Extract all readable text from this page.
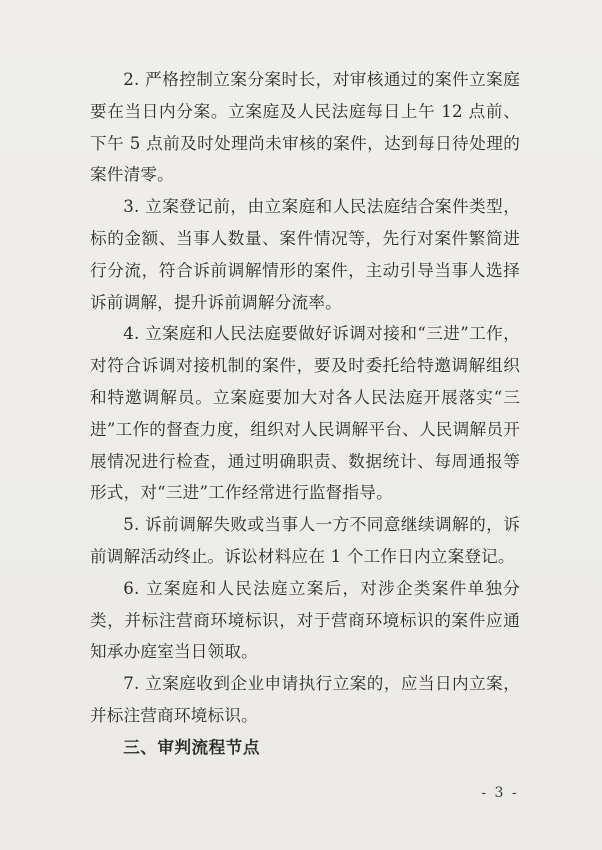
2. 严格控制立案分案时长，对审核通过的案件立案庭要在当日内分案。立案庭及人民法庭每日上午 12 点前、下午 5 点前及时处理尚未审核的案件，达到每日待处理的案件清零。

3. 立案登记前，由立案庭和人民法庭结合案件类型，标的金额、当事人数量、案件情况等，先行对案件繁简进行分流，符合诉前调解情形的案件，主动引导当事人选择诉前调解，提升诉前调解分流率。

4. 立案庭和人民法庭要做好诉调对接和“三进”工作，对符合诉调对接机制的案件，要及时委托给特邀调解组织和特邀调解员。立案庭要加大对各人民法庭开展落实“三进”工作的督查力度，组织对人民调解平台、人民调解员开展情况进行检查，通过明确职责、数据统计、每周通报等形式，对“三进”工作经常进行监督指导。

5. 诉前调解失败或当事人一方不同意继续调解的，诉前调解活动终止。诉讼材料应在 1 个工作日内立案登记。

6. 立案庭和人民法庭立案后，对涉企类案件单独分类，并标注营商环境标识，对于营商环境标识的案件应通知承办庭室当日领取。

7. 立案庭收到企业申请执行立案的，应当日内立案，并标注营商环境标识。

三、审判流程节点

- 3 -
